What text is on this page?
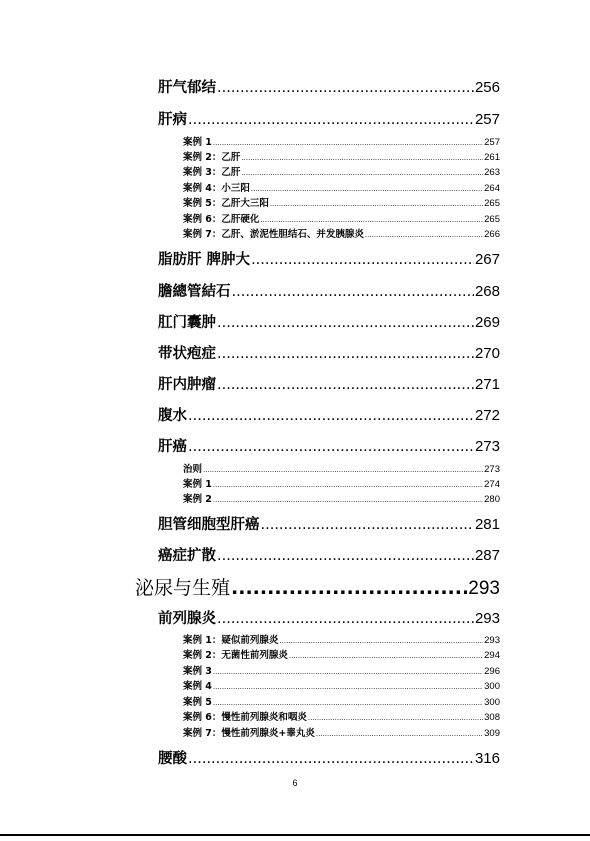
肝气郁结 .....	256
肝病 .....	257
案例 1 .....	257
案例 2：乙肝 .....	261
案例 3：乙肝 .....	263
案例 4：小三阳 .....	264
案例 5：乙肝大三阳 .....	265
案例 6：乙肝硬化 .....	265
案例 7：乙肝、淤泥性胆结石、并发胰腺炎 .....	266
脂肪肝 脾肿大 .....	267
膽總管結石 .....	268
肛门囊肿 .....	269
带状疱症 .....	270
肝内肿瘤 .....	271
腹水 .....	272
肝癌 .....	273
治则 .....	273
案例 1 .....	274
案例 2 .....	280
胆管细胞型肝癌 .....	281
癌症扩散 .....	287
泌尿与生殖 .....	293
前列腺炎 .....	293
案例 1：疑似前列腺炎 .....	293
案例 2：无菌性前列腺炎 .....	294
案例 3 .....	296
案例 4 .....	300
案例 5 .....	300
案例 6：慢性前列腺炎和咽炎 .....	308
案例 7：慢性前列腺炎+睾丸炎 .....	309
腰酸 .....	316
6
